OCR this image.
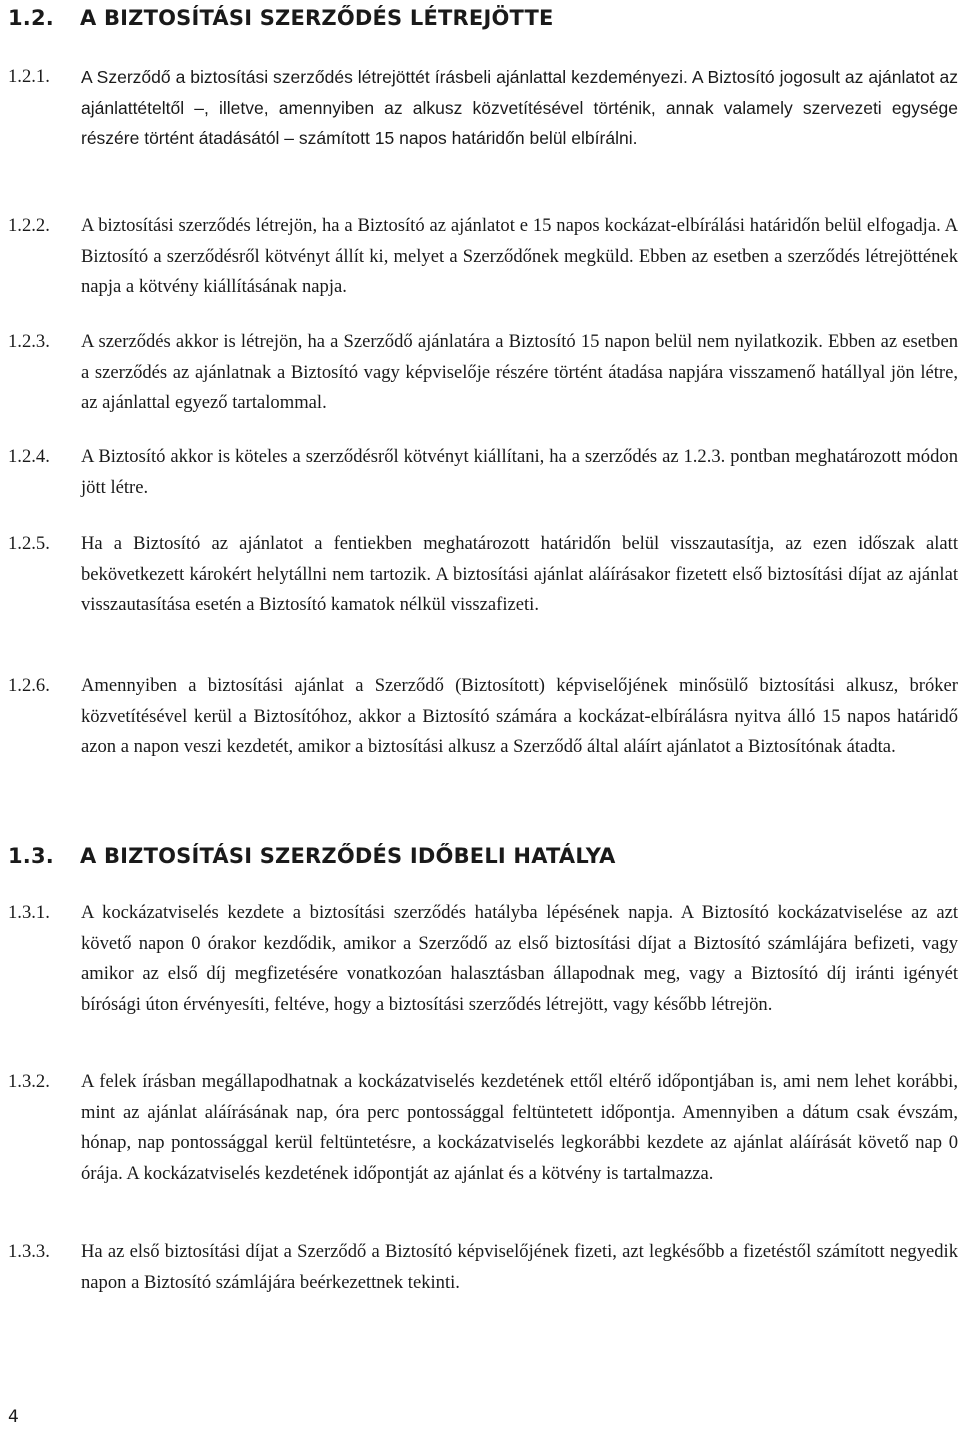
1.2. A BIZTOSÍTÁSI SZERZŐDÉS LÉTREJÖTTE
1.2.1.	A Szerződő a biztosítási szerződés létrejöttét írásbeli ajánlattal kezdeményezi. A Biztosító jogosult az ajánlatot az ajánlattételtől –, illetve, amennyiben az alkusz közvetítésével történik, annak valamely szervezeti egysége részére történt átadásától – számított 15 napos határidőn belül elbírálni.
1.2.2.	A biztosítási szerződés létrejön, ha a Biztosító az ajánlatot e 15 napos kockázat-elbírálási határidőn belül elfogadja. A Biztosító a szerződésről kötvényt állít ki, melyet a Szerződőnek megküld. Ebben az esetben a szerződés létrejöttének napja a kötvény kiállításának napja.
1.2.3.	A szerződés akkor is létrejön, ha a Szerződő ajánlatára a Biztosító 15 napon belül nem nyilatkozik. Ebben az esetben a szerződés az ajánlatnak a Biztosító vagy képviselője részére történt átadása napjára visszamenő hatállyal jön létre, az ajánlattal egyező tartalommal.
1.2.4.	A Biztosító akkor is köteles a szerződésről kötvényt kiállítani, ha a szerződés az 1.2.3. pontban meghatározott módon jött létre.
1.2.5.	Ha a Biztosító az ajánlatot a fentiekben meghatározott határidőn belül visszautasítja, az ezen időszak alatt bekövetkezett károkért helytállni nem tartozik. A biztosítási ajánlat aláírásakor fizetett első biztosítási díjat az ajánlat visszautasítása esetén a Biztosító kamatok nélkül visszafizeti.
1.2.6.	Amennyiben a biztosítási ajánlat a Szerződő (Biztosított) képviselőjének minősülő biztosítási alkusz, bróker közvetítésével kerül a Biztosítóhoz, akkor a Biztosító számára a kockázat-elbírálásra nyitva álló 15 napos határidő azon a napon veszi kezdetét, amikor a biztosítási alkusz a Szerződő által aláírt ajánlatot a Biztosítónak átadta.
1.3. A BIZTOSÍTÁSI SZERZŐDÉS IDŐBELI HATÁLYA
1.3.1.	A kockázatviselés kezdete a biztosítási szerződés hatályba lépésének napja. A Biztosító kockázatviselése az azt követő napon 0 órakor kezdődik, amikor a Szerződő az első biztosítási díjat a Biztosító számlájára befizeti, vagy amikor az első díj megfizetésére vonatkozóan halasztásban állapodnak meg, vagy a Biztosító díj iránti igényét bírósági úton érvényesíti, feltéve, hogy a biztosítási szerződés létrejött, vagy később létrejön.
1.3.2.	A felek írásban megállapodhatnak a kockázatviselés kezdetének ettől eltérő időpontjában is, ami nem lehet korábbi, mint az ajánlat aláírásának nap, óra perc pontossággal feltüntetett időpontja. Amennyiben a dátum csak évszám, hónap, nap pontossággal kerül feltüntetésre, a kockázatviselés legkorábbi kezdete az ajánlat aláírását követő nap 0 órája. A kockázatviselés kezdetének időpontját az ajánlat és a kötvény is tartalmazza.
1.3.3.	Ha az első biztosítási díjat a Szerződő a Biztosító képviselőjének fizeti, azt legkésőbb a fizetéstől számított negyedik napon a Biztosító számlájára beérkezettnek tekinti.
4
